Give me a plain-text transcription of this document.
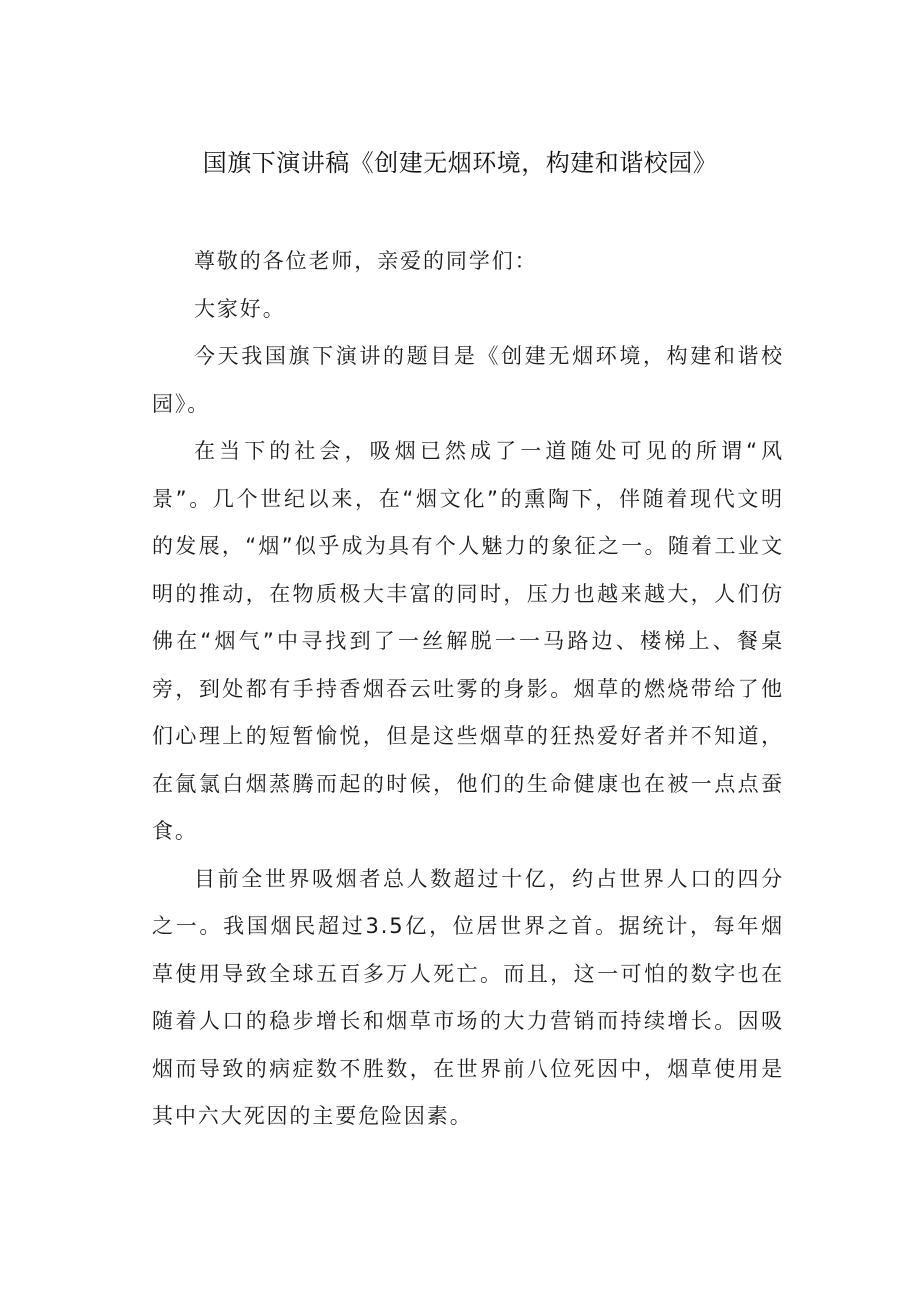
国旗下演讲稿《创建无烟环境，构建和谐校园》

尊敬的各位老师，亲爱的同学们：

大家好。

今天我国旗下演讲的题目是《创建无烟环境，构建和谐校园》。

在当下的社会，吸烟已然成了一道随处可见的所谓“风景”。几个世纪以来，在“烟文化”的熏陶下，伴随着现代文明的发展，“烟”似乎成为具有个人魅力的象征之一。随着工业文明的推动，在物质极大丰富的同时，压力也越来越大，人们仿佛在“烟气”中寻找到了一丝解脱一一马路边、楼梯上、餐桌旁，到处都有手持香烟吞云吐雾的身影。烟草的燃烧带给了他们心理上的短暂愉悦，但是这些烟草的狂热爱好者并不知道，在氤氯白烟蒸腾而起的时候，他们的生命健康也在被一点点蚕食。

目前全世界吸烟者总人数超过十亿，约占世界人口的四分之一。我国烟民超过3.5亿，位居世界之首。据统计，每年烟草使用导致全球五百多万人死亡。而且，这一可怕的数字也在随着人口的稳步增长和烟草市场的大力营销而持续增长。因吸烟而导致的病症数不胜数，在世界前八位死因中，烟草使用是其中六大死因的主要危险因素。
